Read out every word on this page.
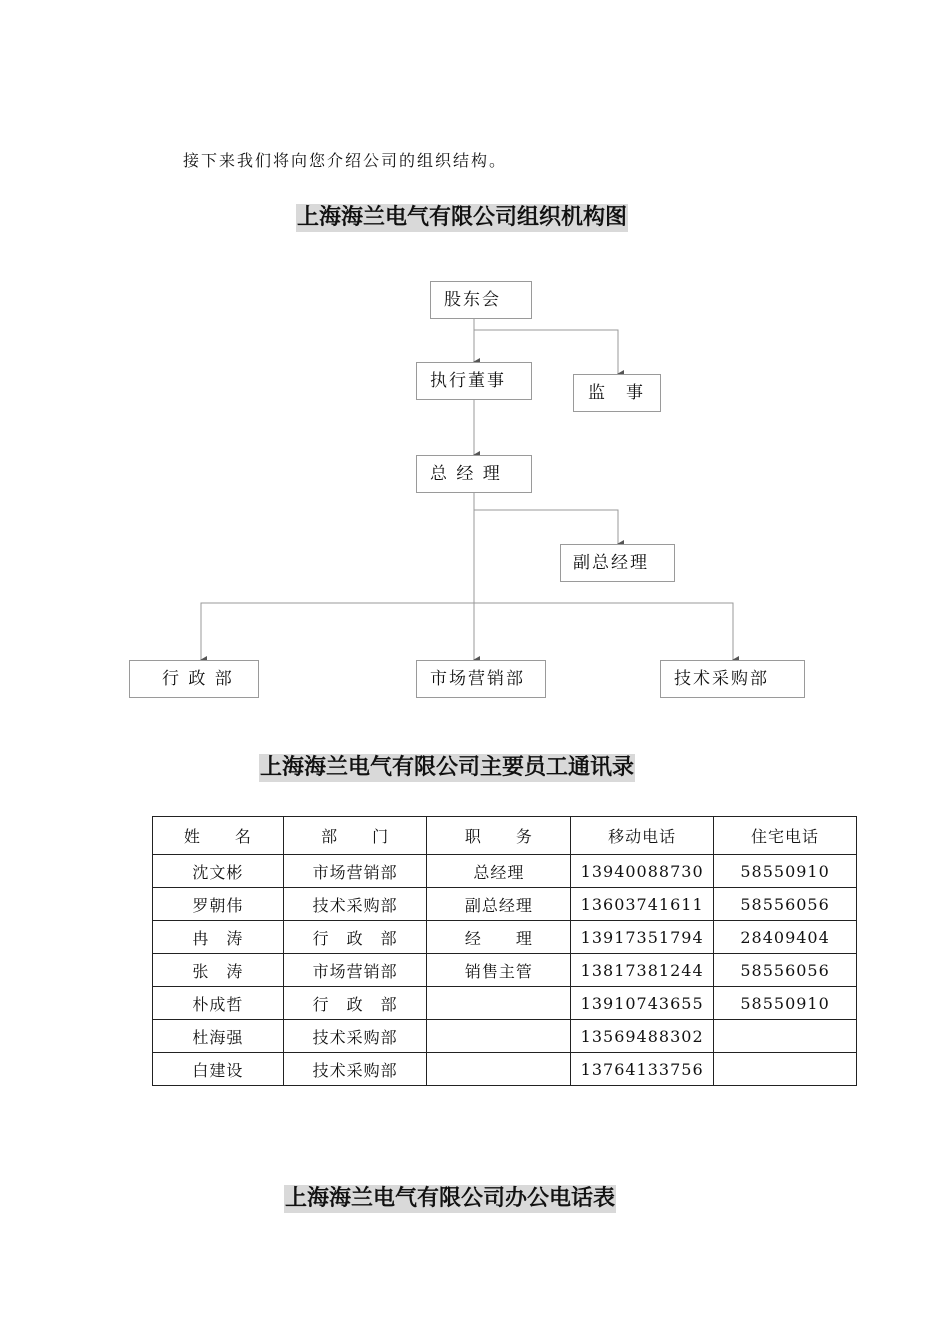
接下来我们将向您介绍公司的组织结构。
上海海兰电气有限公司组织机构图
股东会
执行董事
监　事
总 经 理
副总经理
行 政 部	市场营销部	技术采购部
上海海兰电气有限公司主要员工通讯录
姓　　名	部　　门	职　　务	移动电话	住宅电话
沈文彬	市场营销部	总经理	13940088730	58550910
罗朝伟	技术采购部	副总经理	13603741611	58556056
冉　涛	行　政　部	经　　理	13917351794	28409404
张　涛	市场营销部	销售主管	13817381244	58556056
朴成哲	行　政　部		13910743655	58550910
杜海强	技术采购部		13569488302	
白建设	技术采购部		13764133756	
上海海兰电气有限公司办公电话表
